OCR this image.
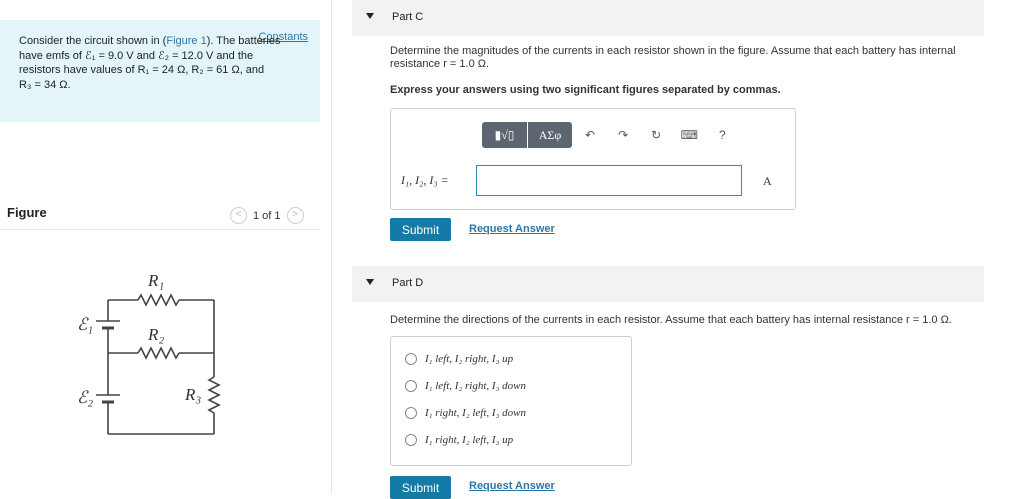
Constants
Consider the circuit shown in (Figure 1). The batteries
have emfs of ℰ₁ = 9.0 V and ℰ₂ = 12.0 V and the
resistors have values of R₁ = 24 Ω, R₂ = 61 Ω, and
R₃ = 34 Ω.
Figure	< 1 of 1 >
R₁
R₂
R₃
ℰ₁
ℰ₂
Part C
Determine the magnitudes of the currents in each resistor shown in the figure. Assume that each battery has internal
resistance r = 1.0 Ω.
Express your answers using two significant figures separated by commas.
▮√▯ ΑΣφ ↶ ↷ ↻ ⌨ ?
I₁, I₂, I₃ =	A
Submit	Request Answer
Part D
Determine the directions of the currents in each resistor. Assume that each battery has internal resistance r = 1.0 Ω.
I₁ left, I₂ right, I₃ up
I₁ left, I₂ right, I₃ down
I₁ right, I₂ left, I₃ down
I₁ right, I₂ left, I₃ up
Submit	Request Answer
